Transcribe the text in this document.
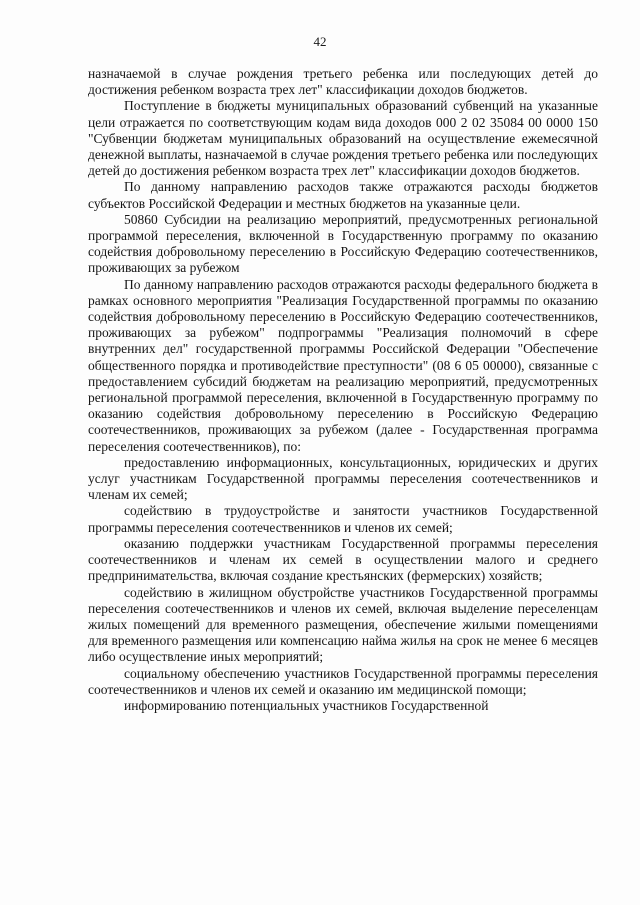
42

назначаемой в случае рождения третьего ребенка или последующих детей до достижения ребенком возраста трех лет" классификации доходов бюджетов.

Поступление в бюджеты муниципальных образований субвенций на указанные цели отражается по соответствующим кодам вида доходов 000 2 02 35084 00 0000 150 "Субвенции бюджетам муниципальных образований на осуществление ежемесячной денежной выплаты, назначаемой в случае рождения третьего ребенка или последующих детей до достижения ребенком возраста трех лет" классификации доходов бюджетов.

По данному направлению расходов также отражаются расходы бюджетов субъектов Российской Федерации и местных бюджетов на указанные цели.

50860 Субсидии на реализацию мероприятий, предусмотренных региональной программой переселения, включенной в Государственную программу по оказанию содействия добровольному переселению в Российскую Федерацию соотечественников, проживающих за рубежом

По данному направлению расходов отражаются расходы федерального бюджета в рамках основного мероприятия "Реализация Государственной программы по оказанию содействия добровольному переселению в Российскую Федерацию соотечественников, проживающих за рубежом" подпрограммы "Реализация полномочий в сфере внутренних дел" государственной программы Российской Федерации "Обеспечение общественного порядка и противодействие преступности" (08 6 05 00000), связанные с предоставлением субсидий бюджетам на реализацию мероприятий, предусмотренных региональной программой переселения, включенной в Государственную программу по оказанию содействия добровольному переселению в Российскую Федерацию соотечественников, проживающих за рубежом (далее - Государственная программа переселения соотечественников), по:

предоставлению информационных, консультационных, юридических и других услуг участникам Государственной программы переселения соотечественников и членам их семей;

содействию в трудоустройстве и занятости участников Государственной программы переселения соотечественников и членов их семей;

оказанию поддержки участникам Государственной программы переселения соотечественников и членам их семей в осуществлении малого и среднего предпринимательства, включая создание крестьянских (фермерских) хозяйств;

содействию в жилищном обустройстве участников Государственной программы переселения соотечественников и членов их семей, включая выделение переселенцам жилых помещений для временного размещения, обеспечение жилыми помещениями для временного размещения или компенсацию найма жилья на срок не менее 6 месяцев либо осуществление иных мероприятий;

социальному обеспечению участников Государственной программы переселения соотечественников и членов их семей и оказанию им медицинской помощи;

информированию потенциальных участников Государственной
